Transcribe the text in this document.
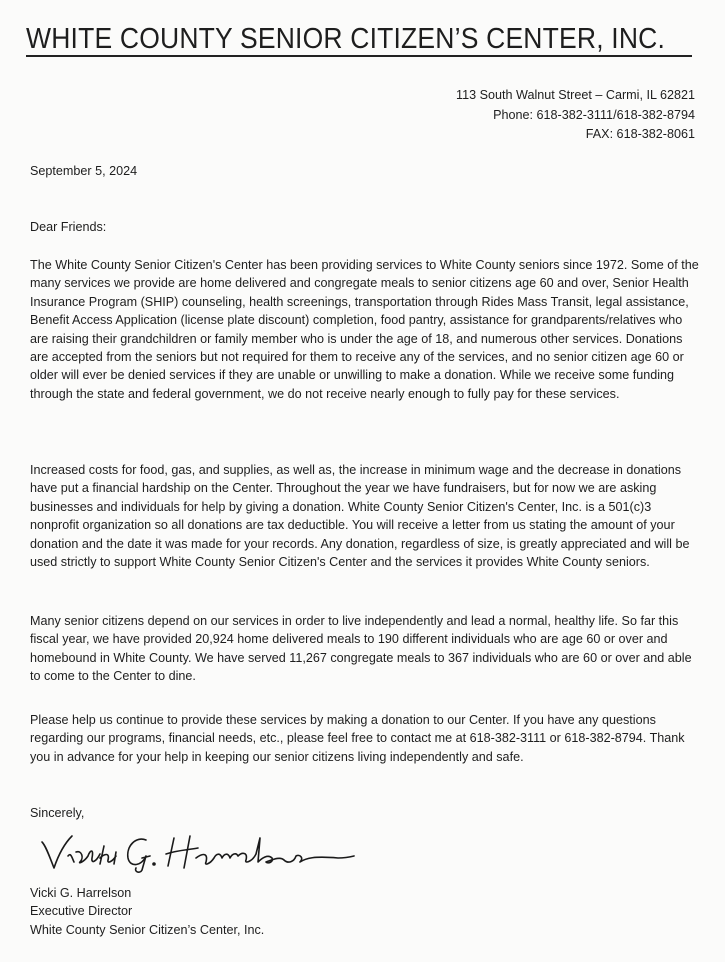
WHITE COUNTY SENIOR CITIZEN’S CENTER, INC.
113 South Walnut Street – Carmi, IL 62821
Phone: 618-382-3111/618-382-8794
FAX: 618-382-8061

September 5, 2024

Dear Friends:

The White County Senior Citizen's Center has been providing services to White County seniors since 1972. Some of the many services we provide are home delivered and congregate meals to senior citizens age 60 and over, Senior Health Insurance Program (SHIP) counseling, health screenings, transportation through Rides Mass Transit, legal assistance, Benefit Access Application (license plate discount) completion, food pantry, assistance for grandparents/relatives who are raising their grandchildren or family member who is under the age of 18, and numerous other services. Donations are accepted from the seniors but not required for them to receive any of the services, and no senior citizen age 60 or older will ever be denied services if they are unable or unwilling to make a donation. While we receive some funding through the state and federal government, we do not receive nearly enough to fully pay for these services.

Increased costs for food, gas, and supplies, as well as, the increase in minimum wage and the decrease in donations have put a financial hardship on the Center. Throughout the year we have fundraisers, but for now we are asking businesses and individuals for help by giving a donation. White County Senior Citizen's Center, Inc. is a 501(c)3 nonprofit organization so all donations are tax deductible. You will receive a letter from us stating the amount of your donation and the date it was made for your records. Any donation, regardless of size, is greatly appreciated and will be used strictly to support White County Senior Citizen's Center and the services it provides White County seniors.

Many senior citizens depend on our services in order to live independently and lead a normal, healthy life. So far this fiscal year, we have provided 20,924 home delivered meals to 190 different individuals who are age 60 or over and homebound in White County. We have served 11,267 congregate meals to 367 individuals who are 60 or over and able to come to the Center to dine.

Please help us continue to provide these services by making a donation to our Center. If you have any questions regarding our programs, financial needs, etc., please feel free to contact me at 618-382-3111 or 618-382-8794. Thank you in advance for your help in keeping our senior citizens living independently and safe.

Sincerely,

Vicki G. Harrelson
Executive Director
White County Senior Citizen’s Center, Inc.
